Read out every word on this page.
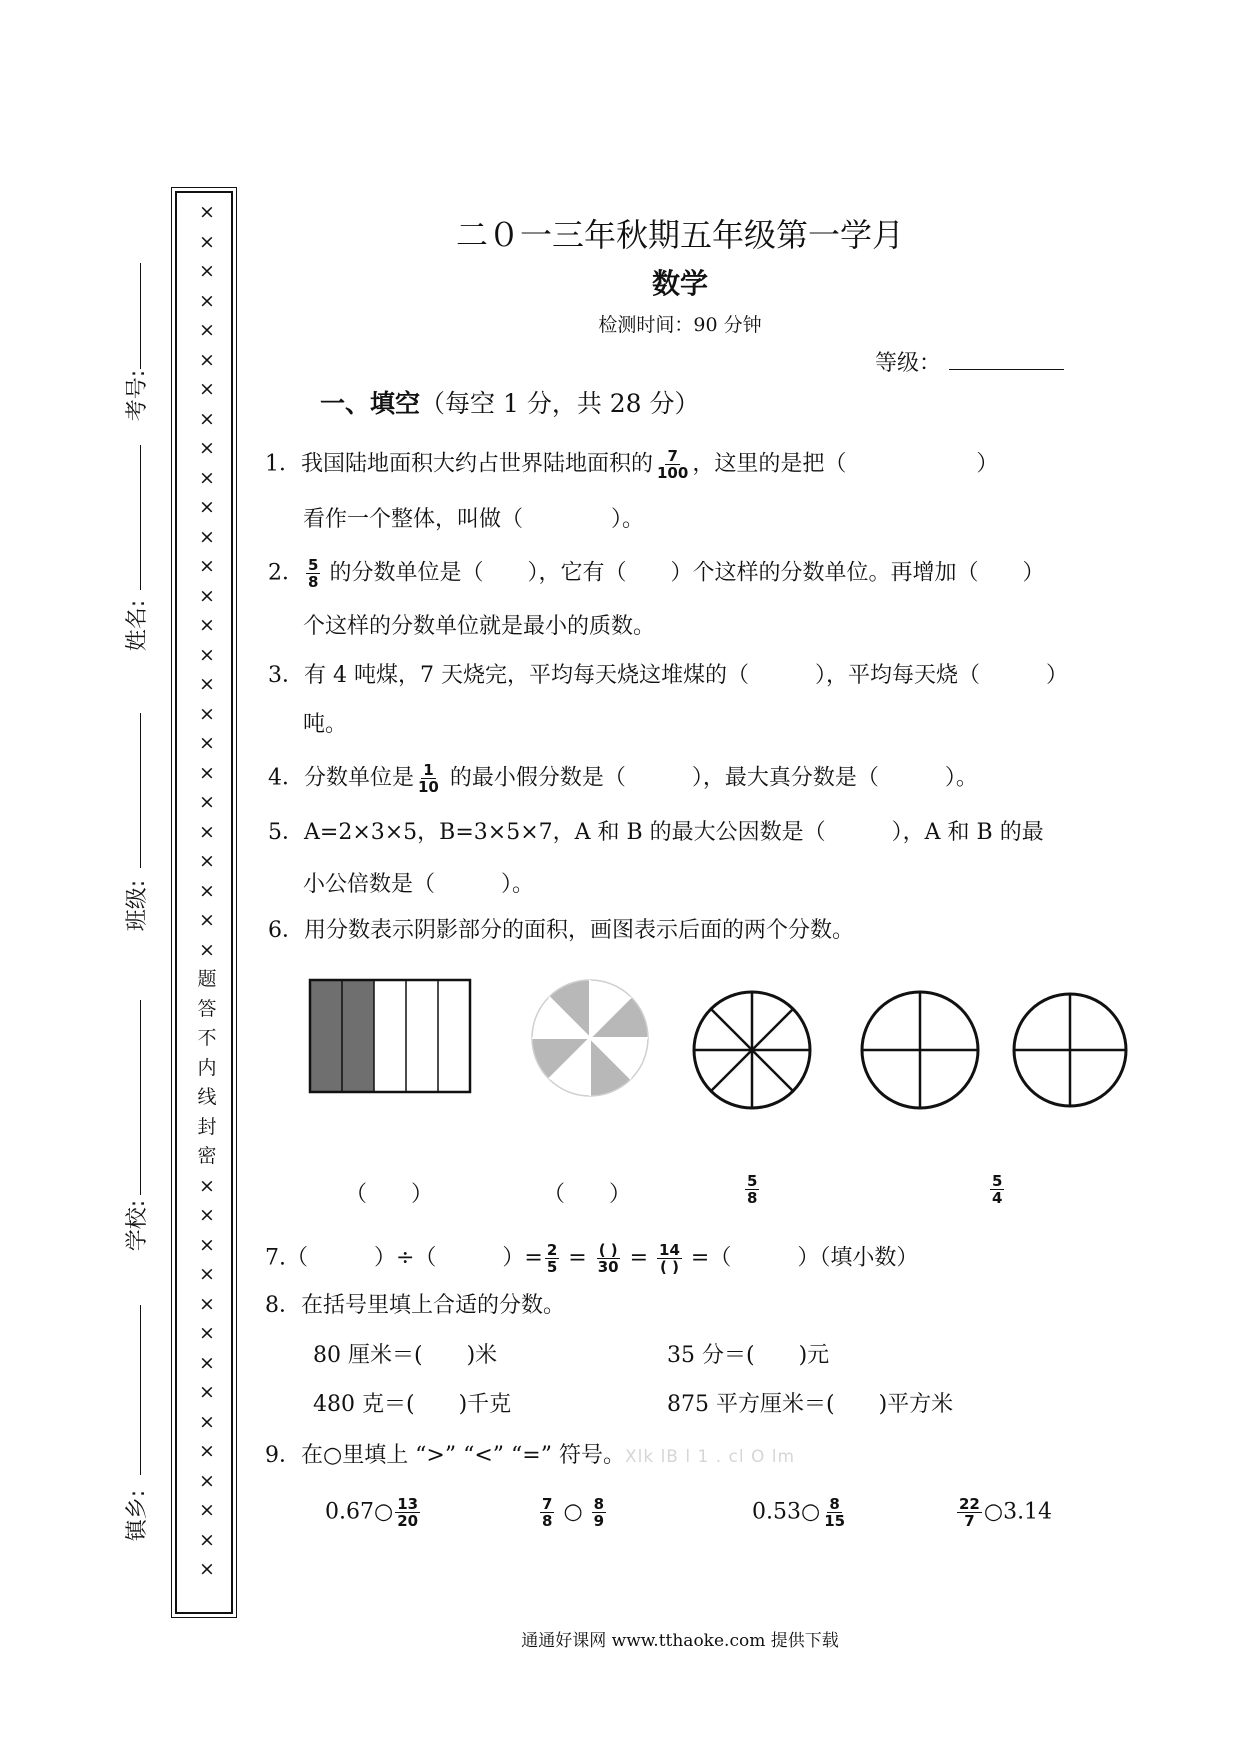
考号:
姓名:
班级:
学校:
镇乡:
××××××××××××××××××××××××××题答不内线封密××××××××××××××
二０一三年秋期五年级第一学月
数学
检测时间：90 分钟
等级：
一、填空（每空 1 分，共 28 分）
1．我国陆地面积大约占世界陆地面积的 $\frac{7}{100}$ ，这里的是把（	）
看作一个整体，叫做（　　　　）。
2． $\frac{5}{8}$ 的分数单位是（　　），它有（　　）个这样的分数单位。再增加（　　）
个这样的分数单位就是最小的质数。
3．有 4 吨煤，7 天烧完，平均每天烧这堆煤的（　　　），平均每天烧（　　　）
吨。
4．分数单位是 $\frac{1}{10}$ 的最小假分数是（　　　），最大真分数是（　　　）。
5．A=2×3×5，B=3×5×7，A 和 B 的最大公因数是（　　　），A 和 B 的最
小公倍数是（　　　）。
6．用分数表示阴影部分的面积，画图表示后面的两个分数。
（　　）	（　　）	$\frac{5}{8}$	$\frac{5}{4}$
7.（　　　）÷（　　　）= $\frac{2}{5} = \frac{( )}{30} = \frac{14}{( )}$ =（　　　）（填小数）
8．在括号里填上合适的分数。
80 厘米＝(　　)米	35 分＝(　　)元
480 克＝(　　)千克	875 平方厘米＝(　　)平方米
9．在○里填上 “>” “<” “=” 符号。Xlk lB l 1 . cl O lm
0.67○ $\frac{13}{20}$	$\frac{7}{8}$ ○ $\frac{8}{9}$	0.53○ $\frac{8}{15}$	$\frac{22}{7}$ ○3.14
通通好课网 www.tthaoke.com 提供下载
